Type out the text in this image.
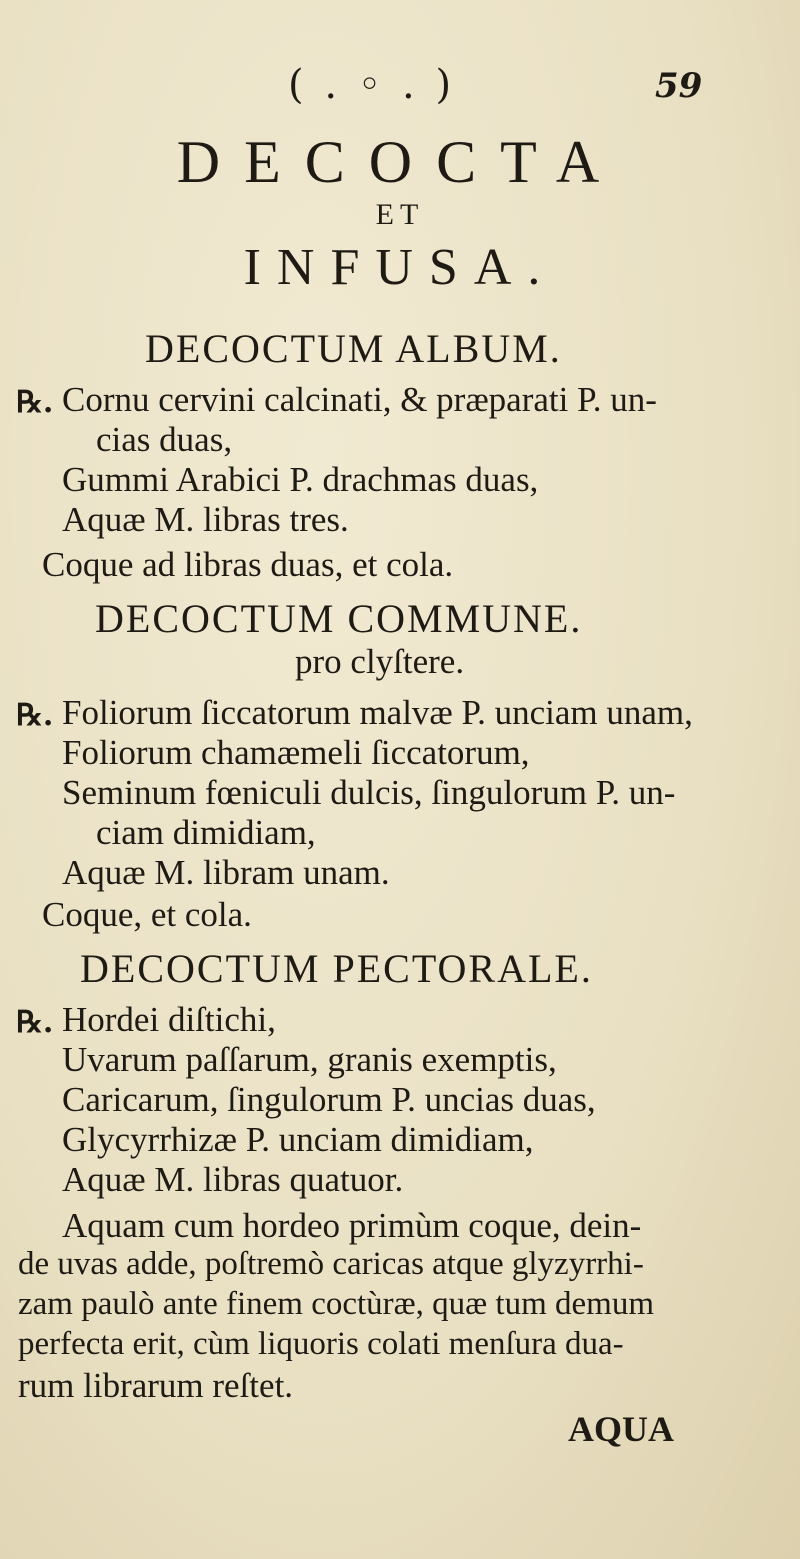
( . ◦ . )	59
DECOCTA
ET
INFUSA.
DECOCTUM ALBUM.
℞. Cornu cervini calcinati, & præparati P. un-
cias duas,
Gummi Arabici P. drachmas duas,
Aquæ M. libras tres.
Coque ad libras duas, et cola.
DECOCTUM COMMUNE.
pro clyſtere.
℞. Foliorum ſiccatorum malvæ P. unciam unam,
Foliorum chamæmeli ſiccatorum,
Seminum fœniculi dulcis, ſingulorum P. un-
ciam dimidiam,
Aquæ M. libram unam.
Coque, et cola.
DECOCTUM PECTORALE.
℞. Hordei diſtichi,
Uvarum paſſarum, granis exemptis,
Caricarum, ſingulorum P. uncias duas,
Glycyrrhizæ P. unciam dimidiam,
Aquæ M. libras quatuor.
Aquam cum hordeo primùm coque, dein-
de uvas adde, poſtremò caricas atque glyzyrrhi-
zam paulò ante finem coctùræ, quæ tum demum
perfecta erit, cùm liquoris colati menſura dua-
rum librarum reſtet.
AQUA
